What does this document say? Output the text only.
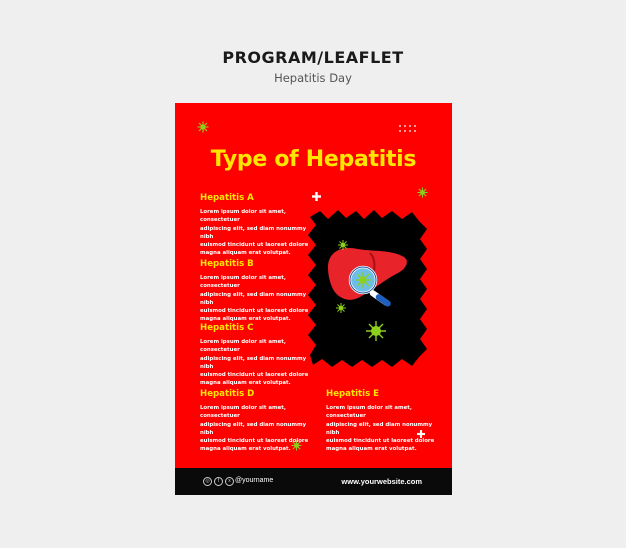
PROGRAM/LEAFLET
Hepatitis Day
Type of Hepatitis
Hepatitis A

Lorem ipsum dolor sit amet, consectetuer
adipiscing elit, sed diam nonummy nibh
euismod tincidunt ut laoreet dolore
magna aliquam erat volutpat.

Hepatitis B

Lorem ipsum dolor sit amet, consectetuer
adipiscing elit, sed diam nonummy nibh
euismod tincidunt ut laoreet dolore
magna aliquam erat volutpat.

Hepatitis C

Lorem ipsum dolor sit amet, consectetuer
adipiscing elit, sed diam nonummy nibh
euismod tincidunt ut laoreet dolore
magna aliquam erat volutpat.

Hepatitis D

Lorem ipsum dolor sit amet, consectetuer
adipiscing elit, sed diam nonummy nibh
euismod tincidunt ut laoreet dolore
magna aliquam erat volutpat.

Hepatitis E

Lorem ipsum dolor sit amet, consectetuer
adipiscing elit, sed diam nonummy nibh
euismod tincidunt ut laoreet dolore
magna aliquam erat volutpat.

◎	f	x @yourname	www.yourwebsite.com
